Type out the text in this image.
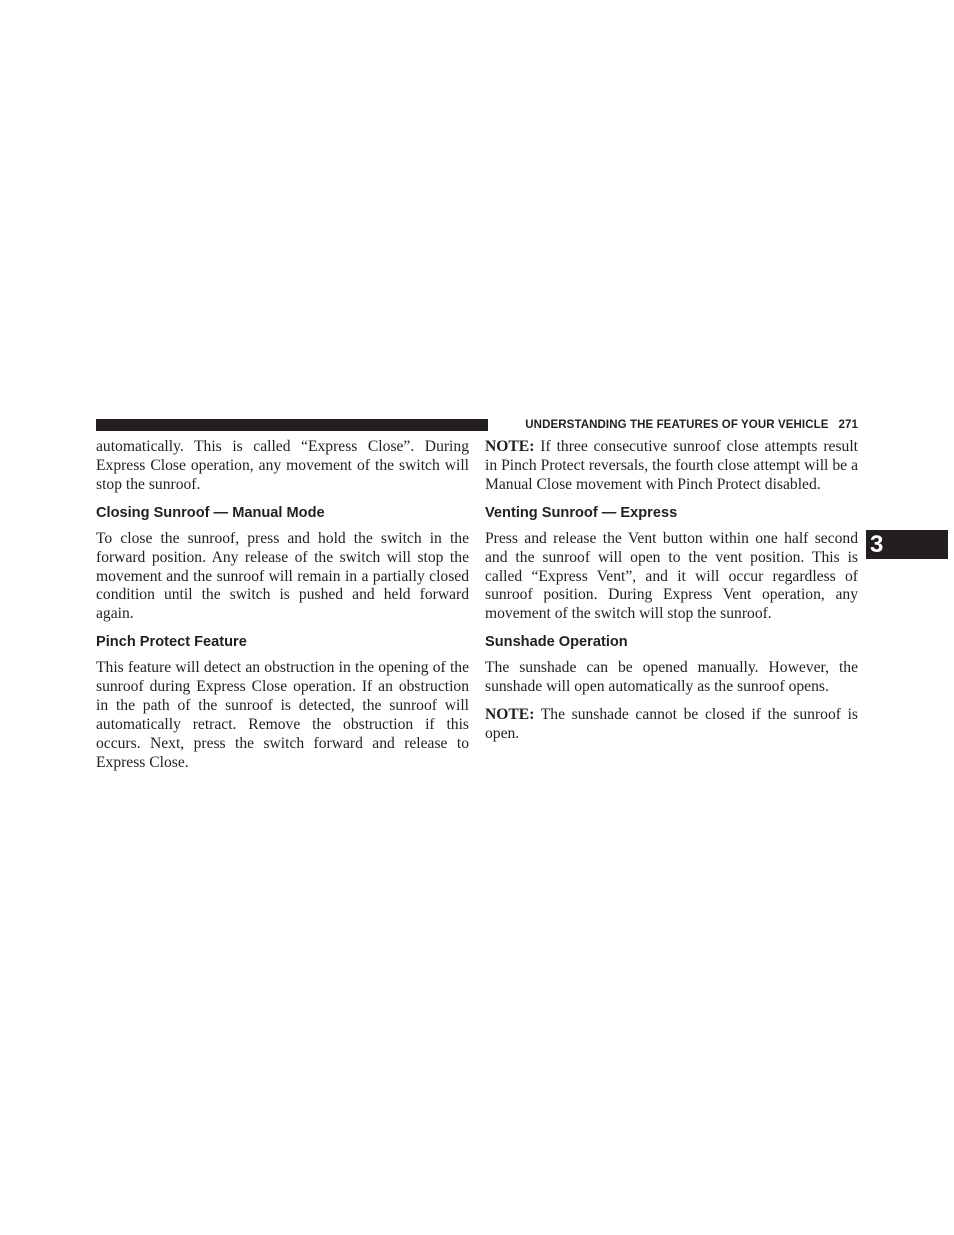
UNDERSTANDING THE FEATURES OF YOUR VEHICLE 271

automatically. This is called “Express Close”. During Express Close operation, any movement of the switch will stop the sunroof.

Closing Sunroof — Manual Mode

To close the sunroof, press and hold the switch in the forward position. Any release of the switch will stop the movement and the sunroof will remain in a partially closed condition until the switch is pushed and held forward again.

Pinch Protect Feature

This feature will detect an obstruction in the opening of the sunroof during Express Close operation. If an obstruction in the path of the sunroof is detected, the sunroof will automatically retract. Remove the obstruction if this occurs. Next, press the switch forward and release to Express Close.

NOTE: If three consecutive sunroof close attempts result in Pinch Protect reversals, the fourth close attempt will be a Manual Close movement with Pinch Protect disabled.

Venting Sunroof — Express

Press and release the Vent button within one half second and the sunroof will open to the vent position. This is called “Express Vent”, and it will occur regardless of sunroof position. During Express Vent operation, any movement of the switch will stop the sunroof.

Sunshade Operation

The sunshade can be opened manually. However, the sunshade will open automatically as the sunroof opens.

NOTE: The sunshade cannot be closed if the sunroof is open.

3
